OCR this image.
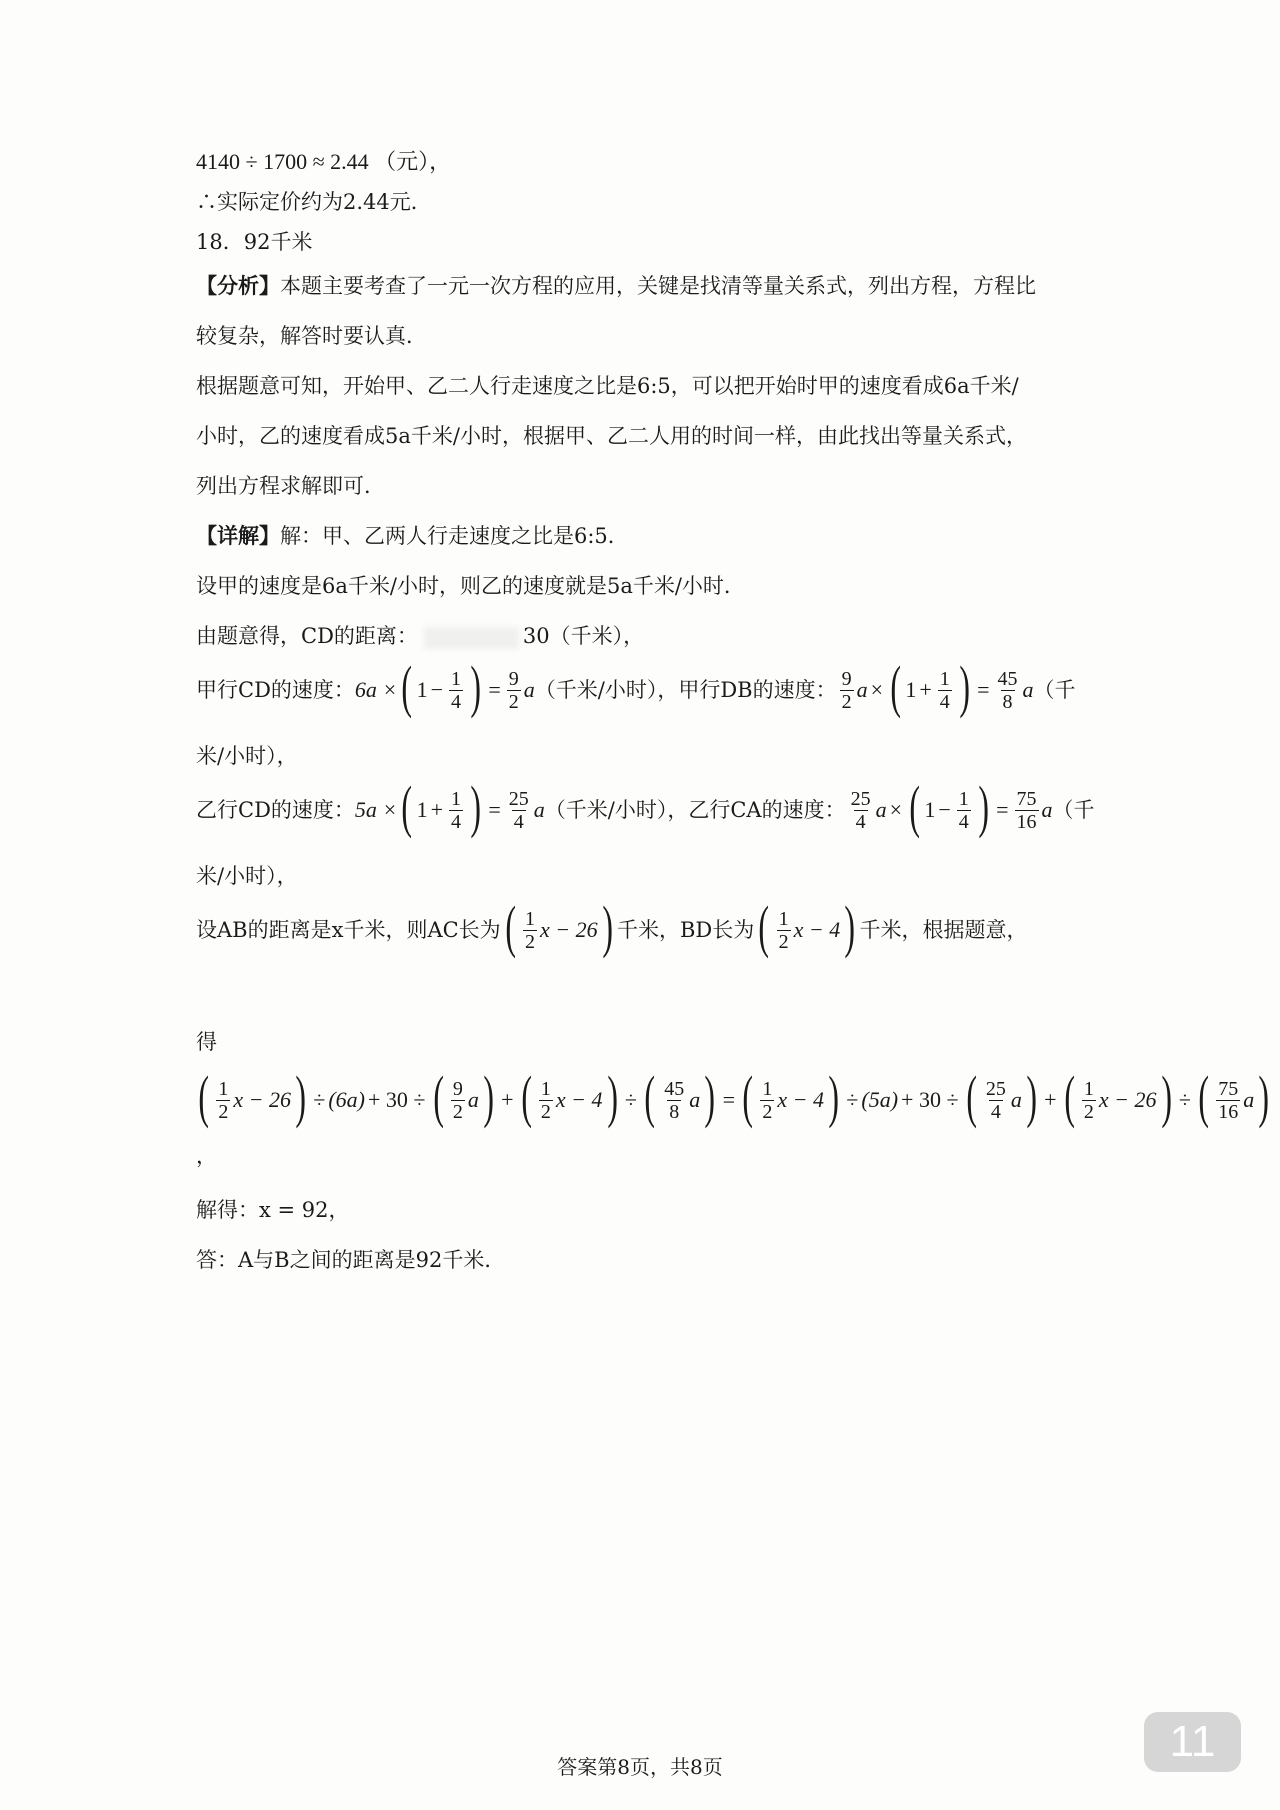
4140 ÷ 1700 ≈ 2.44 （元），
∴实际定价约为2.44元．
18．92千米
【分析】本题主要考查了一元一次方程的应用，关键是找清等量关系式，列出方程，方程比
较复杂，解答时要认真．
根据题意可知，开始甲、乙二人行走速度之比是6:5，可以把开始时甲的速度看成6a千米/
小时，乙的速度看成5a千米/小时，根据甲、乙二人用的时间一样，由此找出等量关系式，
列出方程求解即可．
【详解】解：甲、乙两人行走速度之比是6:5．
设甲的速度是6a千米/小时，则乙的速度就是5a千米/小时．
由题意得，CD的距离：	30（千米），
甲行CD的速度： 6a × ( $1 - \frac{1}{4}$ ) = $\frac{9}{2}$ a （千米/小时），甲行DB的速度： $\frac{9}{2}$ a × ( $1 + \frac{1}{4}$ ) = $\frac{45}{8}$ a （千
米/小时），
乙行CD的速度： 5a × ( $1 + \frac{1}{4}$ ) = $\frac{25}{4}$ a （千米/小时），乙行CA的速度： $\frac{25}{4}$ a × ( $1 - \frac{1}{4}$ ) = $\frac{75}{16}$ a （千
米/小时），
设AB的距离是x千米，则AC长为 ( $\frac{1}{2}$ x − 26 ) 千米，BD长为 ( $\frac{1}{2}$ x − 4 ) 千米，根据题意，
得
( $\frac{1}{2}$ x − 26 ) ÷ (6a) + 30 ÷ ( $\frac{9}{2}$ a ) + ( $\frac{1}{2}$ x − 4 ) ÷ ( $\frac{45}{8}$ a ) = ( $\frac{1}{2}$ x − 4 ) ÷ (5a) + 30 ÷ ( $\frac{25}{4}$ a ) + ( $\frac{1}{2}$ x − 26 ) ÷ ( $\frac{75}{16}$ a )
，
解得：x = 92，
答：A与B之间的距离是92千米．
答案第8页，共8页
11
